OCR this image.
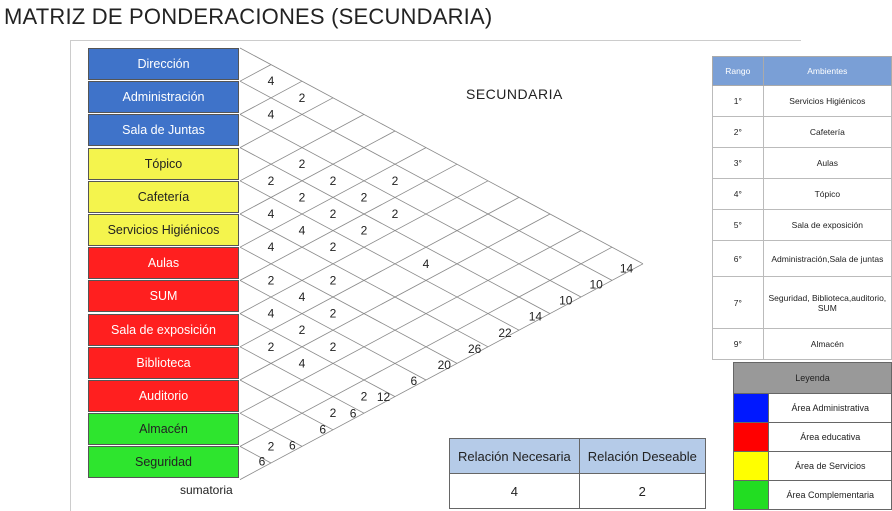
MATRIZ DE PONDERACIONES (SECUNDARIA)
Dirección
Administración
Sala de Juntas
Tópico
Cafetería
Servicios Higiénicos
Aulas
SUM
Sala de exposición
Biblioteca
Auditorio
Almacén
Seguridad
sumatoria
4
4
2
2
2
2
2
2
2
2
2
2
4
4
2
4
4
2
2
4
2
4
2
2
2
4
2
2
2
14
10
10
14
22
26
20
6
12
6
6
6
6
SECUNDARIA
Rango	Ambientes
1°	Servicios Higiénicos
2°	Cafetería
3°	Aulas
4°	Tópico
5°	Sala de exposición
6°	Administración,Sala de juntas
7°	Seguridad, Biblioteca,auditorio, SUM
9°	Almacén
Leyenda	
	Área Administrativa
	Área educativa
	Área de Servicios
	Área Complementaria
Relación Necesaria	Relación Deseable
4	2
